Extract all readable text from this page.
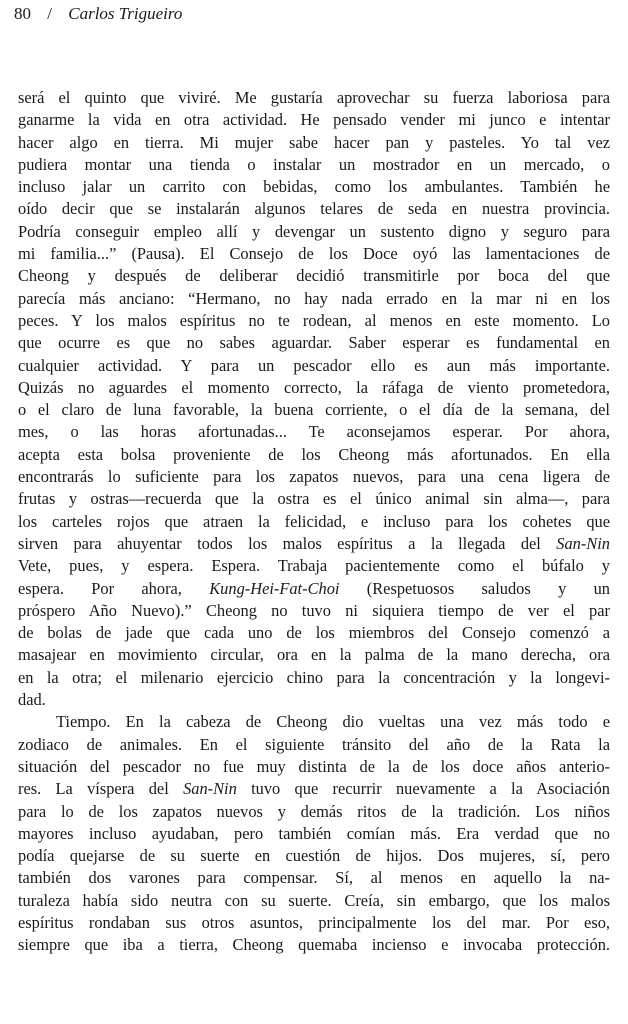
80 / Carlos Trigueiro
será el quinto que viviré. Me gustaría aprovechar su fuerza laboriosa para
ganarme la vida en otra actividad. He pensado vender mi junco e intentar
hacer algo en tierra. Mi mujer sabe hacer pan y pasteles. Yo tal vez
pudiera montar una tienda o instalar un mostrador en un mercado, o
incluso jalar un carrito con bebidas, como los ambulantes. También he
oído decir que se instalarán algunos telares de seda en nuestra provincia.
Podría conseguir empleo allí y devengar un sustento digno y seguro para
mi familia...” (Pausa). El Consejo de los Doce oyó las lamentaciones de
Cheong y después de deliberar decidió transmitirle por boca del que
parecía más anciano: “Hermano, no hay nada errado en la mar ni en los
peces. Y los malos espíritus no te rodean, al menos en este momento. Lo
que ocurre es que no sabes aguardar. Saber esperar es fundamental en
cualquier actividad. Y para un pescador ello es aun más importante.
Quizás no aguardes el momento correcto, la ráfaga de viento prometedora,
o el claro de luna favorable, la buena corriente, o el día de la semana, del
mes, o las horas afortunadas... Te aconsejamos esperar. Por ahora,
acepta esta bolsa proveniente de los Cheong más afortunados. En ella
encontrarás lo suficiente para los zapatos nuevos, para una cena ligera de
frutas y ostras—recuerda que la ostra es el único animal sin alma—, para
los carteles rojos que atraen la felicidad, e incluso para los cohetes que
sirven para ahuyentar todos los malos espíritus a la llegada del San-Nin
Vete, pues, y espera. Espera. Trabaja pacientemente como el búfalo y
espera. Por ahora, Kung-Hei-Fat-Choi (Respetuosos saludos y un
próspero Año Nuevo).” Cheong no tuvo ni siquiera tiempo de ver el par
de bolas de jade que cada uno de los miembros del Consejo comenzó a
masajear en movimiento circular, ora en la palma de la mano derecha, ora
en la otra; el milenario ejercicio chino para la concentración y la longevi-
dad.
Tiempo. En la cabeza de Cheong dio vueltas una vez más todo e
zodiaco de animales. En el siguiente tránsito del año de la Rata la
situación del pescador no fue muy distinta de la de los doce años anterio-
res. La víspera del San-Nin tuvo que recurrir nuevamente a la Asociación
para lo de los zapatos nuevos y demás ritos de la tradición. Los niños
mayores incluso ayudaban, pero también comían más. Era verdad que no
podía quejarse de su suerte en cuestión de hijos. Dos mujeres, sí, pero
también dos varones para compensar. Sí, al menos en aquello la na-
turaleza había sido neutra con su suerte. Creía, sin embargo, que los malos
espíritus rondaban sus otros asuntos, principalmente los del mar. Por eso,
siempre que iba a tierra, Cheong quemaba incienso e invocaba protección.
